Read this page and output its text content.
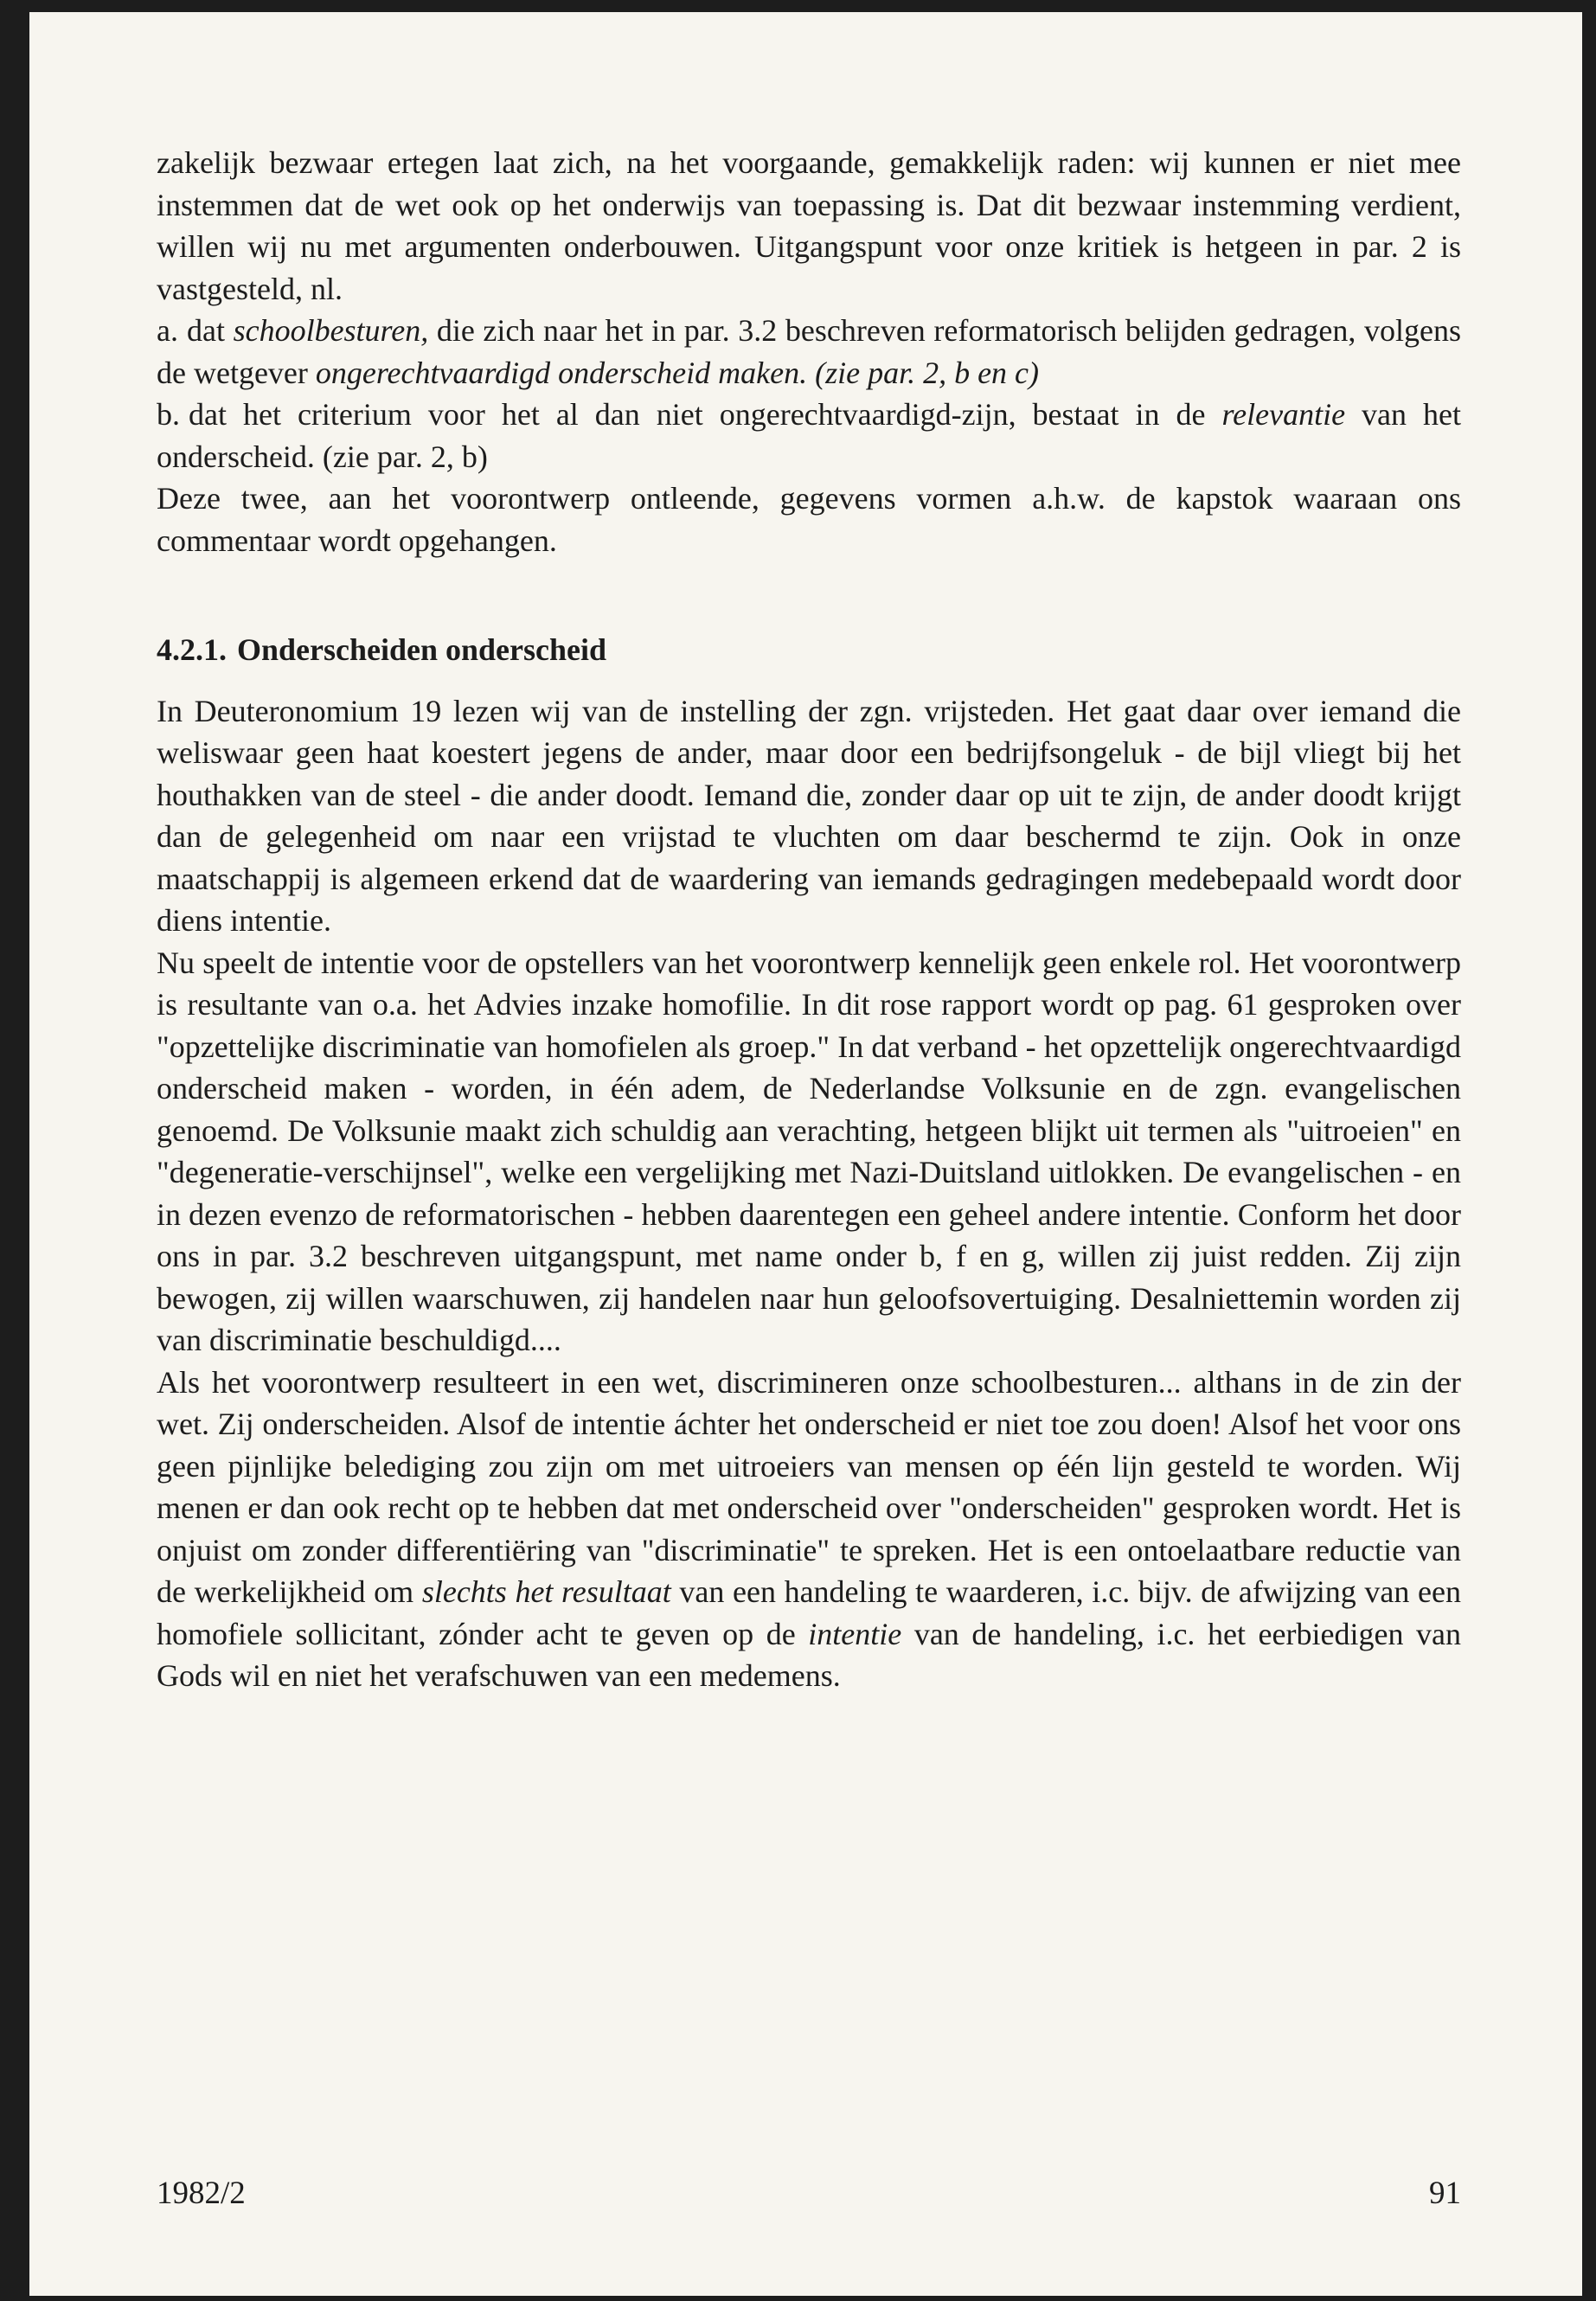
zakelijk bezwaar ertegen laat zich, na het voorgaande, gemakkelijk raden: wij kunnen er niet mee instemmen dat de wet ook op het onderwijs van toepassing is. Dat dit bezwaar instemming verdient, willen wij nu met argumenten onderbouwen. Uitgangspunt voor onze kritiek is hetgeen in par. 2 is vastgesteld, nl.

a. dat schoolbesturen, die zich naar het in par. 3.2 beschreven reformatorisch belijden gedragen, volgens de wetgever ongerechtvaardigd onderscheid maken. (zie par. 2, b en c)

b. dat het criterium voor het al dan niet ongerechtvaardigd-zijn, bestaat in de relevantie van het onderscheid. (zie par. 2, b)

Deze twee, aan het voorontwerp ontleende, gegevens vormen a.h.w. de kapstok waaraan ons commentaar wordt opgehangen.

4.2.1. Onderscheiden onderscheid

In Deuteronomium 19 lezen wij van de instelling der zgn. vrijsteden. Het gaat daar over iemand die weliswaar geen haat koestert jegens de ander, maar door een bedrijfsongeluk - de bijl vliegt bij het houthakken van de steel - die ander doodt. Iemand die, zonder daar op uit te zijn, de ander doodt krijgt dan de gelegenheid om naar een vrijstad te vluchten om daar beschermd te zijn. Ook in onze maatschappij is algemeen erkend dat de waardering van iemands gedragingen medebepaald wordt door diens intentie.

Nu speelt de intentie voor de opstellers van het voorontwerp kennelijk geen enkele rol. Het voorontwerp is resultante van o.a. het Advies inzake homofilie. In dit rose rapport wordt op pag. 61 gesproken over "opzettelijke discriminatie van homofielen als groep." In dat verband - het opzettelijk ongerechtvaardigd onderscheid maken - worden, in één adem, de Nederlandse Volksunie en de zgn. evangelischen genoemd. De Volksunie maakt zich schuldig aan verachting, hetgeen blijkt uit termen als "uitroeien" en "degeneratie-verschijnsel", welke een vergelijking met Nazi-Duitsland uitlokken. De evangelischen - en in dezen evenzo de reformatorischen - hebben daarentegen een geheel andere intentie. Conform het door ons in par. 3.2 beschreven uitgangspunt, met name onder b, f en g, willen zij juist redden. Zij zijn bewogen, zij willen waarschuwen, zij handelen naar hun geloofsovertuiging. Desalniettemin worden zij van discriminatie beschuldigd....

Als het voorontwerp resulteert in een wet, discrimineren onze schoolbesturen... althans in de zin der wet. Zij onderscheiden. Alsof de intentie áchter het onderscheid er niet toe zou doen! Alsof het voor ons geen pijnlijke belediging zou zijn om met uitroeiers van mensen op één lijn gesteld te worden. Wij menen er dan ook recht op te hebben dat met onderscheid over "onderscheiden" gesproken wordt. Het is onjuist om zonder differentiëring van "discriminatie" te spreken. Het is een ontoelaatbare reductie van de werkelijkheid om slechts het resultaat van een handeling te waarderen, i.c. bijv. de afwijzing van een homofiele sollicitant, zónder acht te geven op de intentie van de handeling, i.c. het eerbiedigen van Gods wil en niet het verafschuwen van een medemens.

1982/2	91
